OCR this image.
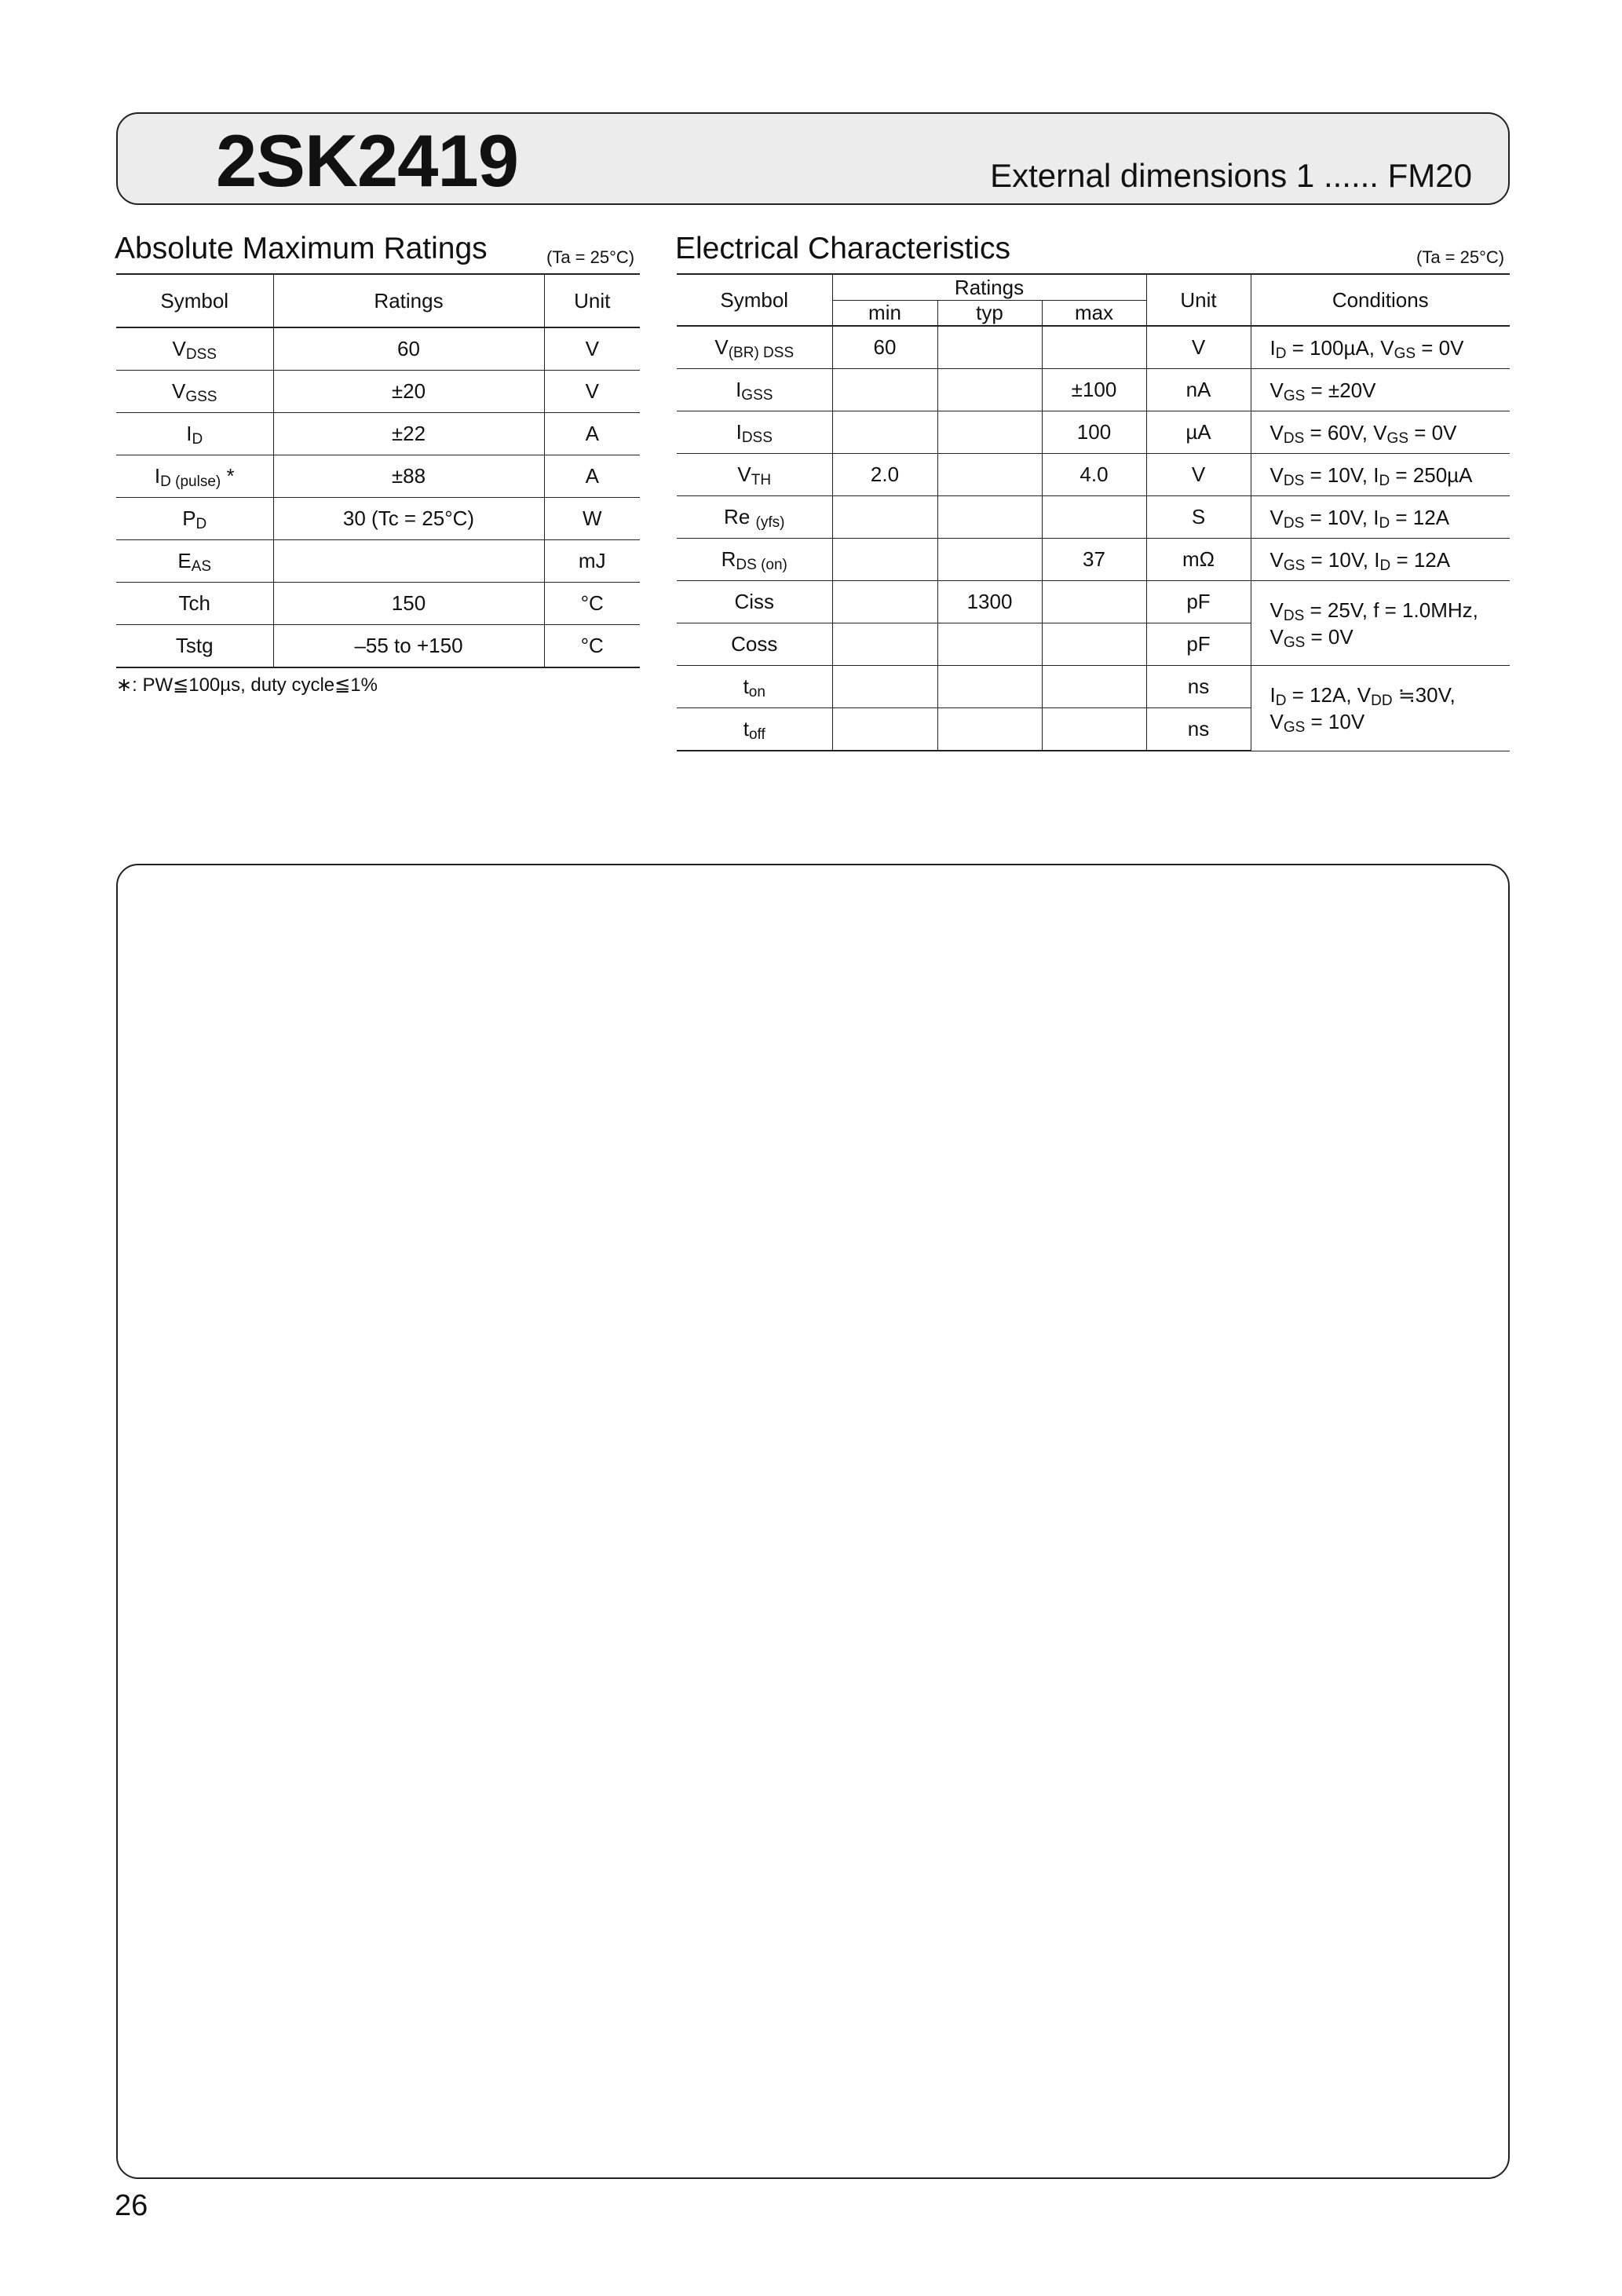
2SK2419	External dimensions 1 ...... FM20
Absolute Maximum Ratings	(Ta = 25°C)
Symbol	Ratings	Unit
$V_{DSS}$	60	V
$V_{GSS}$	±20	V
$I_D$	±22	A
$I_{D (pulse)}$ *	±88	A
$P_D$	30 (Tc = 25°C)	W
$E_{AS}$		mJ
Tch	150	°C
Tstg	–55 to +150	°C
∗: PW≦100µs, duty cycle≦1%
Electrical Characteristics	(Ta = 25°C)
Symbol	Ratings			Unit	Conditions
	min	typ	max		
$V_{(BR) DSS}$	60			V	$I_D = 100\mu A$, $V_{GS} = 0V$
$I_{GSS}$			±100	nA	$V_{GS} = \pm 20V$
$I_{DSS}$			100	µA	$V_{DS} = 60V$, $V_{GS} = 0V$
$V_{TH}$	2.0		4.0	V	$V_{DS} = 10V$, $I_D = 250\mu A$
Re $_{(yfs)}$				S	$V_{DS} = 10V$, $I_D = 12A$
$R_{DS (on)}$			37	mΩ	$V_{GS} = 10V$, $I_D = 12A$
Ciss		1300		pF	$V_{DS} = 25V$, f = 1.0MHz,
$V_{GS} = 0V$
Coss				pF	
$t_{on}$				ns	$I_D = 12A$, $V_{DD}$ ≒30V,
$V_{GS} = 10V$
$t_{off}$				ns	
26
